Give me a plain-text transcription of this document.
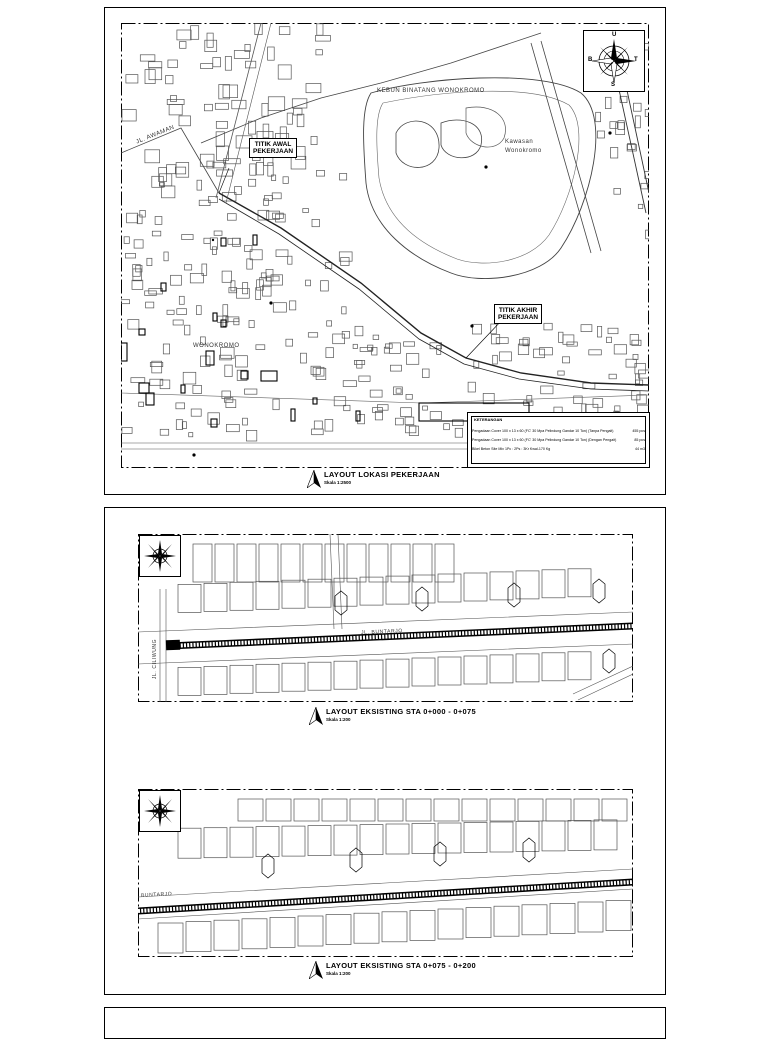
KEBUN BINATANG WONOKROMO
Kawasan
Wonokromo
JL. AWAMAN
WONOKROMO
TITIK AWAL
PEKERJAAN
TITIK AKHIR
PEKERJAAN
U
S
B	T
KETERANGAN
Pengadaan Cover 100 x 13 x 60 (FC' 30 Mpa Pelindung Gandar 10 Ton) (Tanpa Pengait)	455 pcs
Pengadaan Cover 100 x 13 x 60 (FC' 30 Mpa Pelindung Gandar 10 Ton) (Dengan Pengait)	85 pcs
Bikel Beton Site Mix 1Pc : 2Ps : 3Kr Kwal-170 Kg	44 m3
LAYOUT LOKASI PEKERJAAN
Skala 1:2500
JL. BUNTARJO
JL. CILIWUNG
LAYOUT EKSISTING STA 0+000 - 0+075
Skala 1:200
BUNTARJO
LAYOUT EKSISTING STA 0+075 - 0+200
Skala 1:200
